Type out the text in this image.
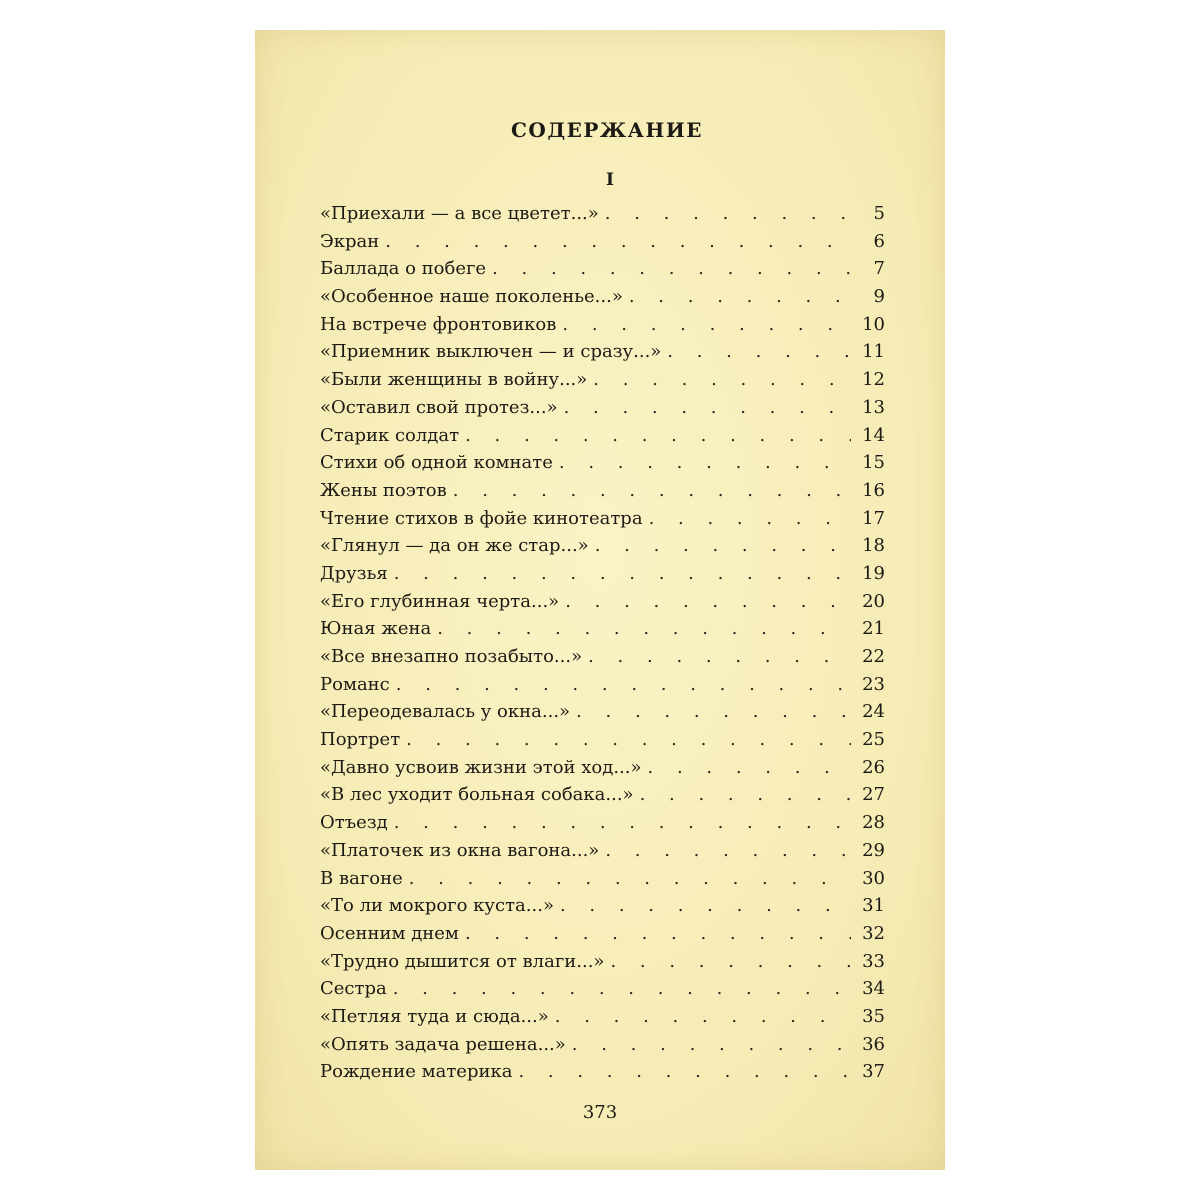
СОДЕРЖАНИЕ
I
«Приехали — а все цветет...» . . .	5
Экран . . .	6
Баллада о побеге . . .	7
«Особенное наше поколенье...» . . .	9
На встрече фронтовиков . . .	10
«Приемник выключен — и сразу...» . . .	11
«Были женщины в войну...» . . .	12
«Оставил свой протез...» . . .	13
Старик солдат . . .	14
Стихи об одной комнате . . .	15
Жены поэтов . . .	16
Чтение стихов в фойе кинотеатра . . .	17
«Глянул — да он же стар...» . . .	18
Друзья . . .	19
«Его глубинная черта...» . . .	20
Юная жена . . .	21
«Все внезапно позабыто...» . . .	22
Романс . . .	23
«Переодевалась у окна...» . . .	24
Портрет . . .	25
«Давно усвоив жизни этой ход...» . . .	26
«В лес уходит больная собака...» . . .	27
Отъезд . . .	28
«Платочек из окна вагона...» . . .	29
В вагоне . . .	30
«То ли мокрого куста...» . . .	31
Осенним днем . . .	32
«Трудно дышится от влаги...» . . .	33
Сестра . . .	34
«Петляя туда и сюда...» . . .	35
«Опять задача решена...» . . .	36
Рождение материка . . .	37
373
